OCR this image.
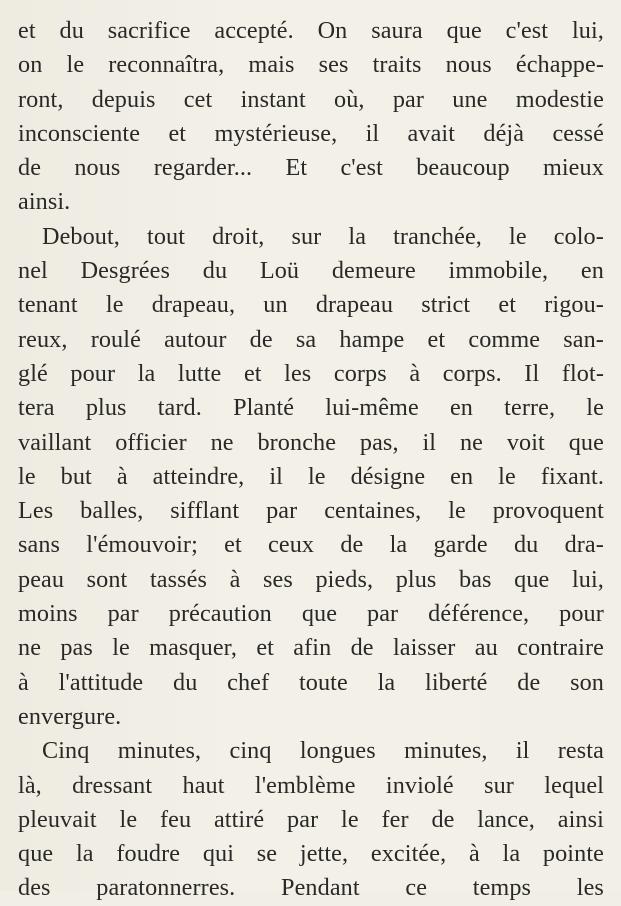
et du sacrifice accepté. On saura que c'est lui,
on le reconnaîtra, mais ses traits nous échappe-
ront, depuis cet instant où, par une modestie
inconsciente et mystérieuse, il avait déjà cessé
de nous regarder... Et c'est beaucoup mieux
ainsi.
Debout, tout droit, sur la tranchée, le colo-
nel Desgrées du Loü demeure immobile, en
tenant le drapeau, un drapeau strict et rigou-
reux, roulé autour de sa hampe et comme san-
glé pour la lutte et les corps à corps. Il flot-
tera plus tard. Planté lui-même en terre, le
vaillant officier ne bronche pas, il ne voit que
le but à atteindre, il le désigne en le fixant.
Les balles, sifflant par centaines, le provoquent
sans l'émouvoir; et ceux de la garde du dra-
peau sont tassés à ses pieds, plus bas que lui,
moins par précaution que par déférence, pour
ne pas le masquer, et afin de laisser au contraire
à l'attitude du chef toute la liberté de son
envergure.
Cinq minutes, cinq longues minutes, il resta
là, dressant haut l'emblème inviolé sur lequel
pleuvait le feu attiré par le fer de lance, ainsi
que la foudre qui se jette, excitée, à la pointe
des paratonnerres. Pendant ce temps les
